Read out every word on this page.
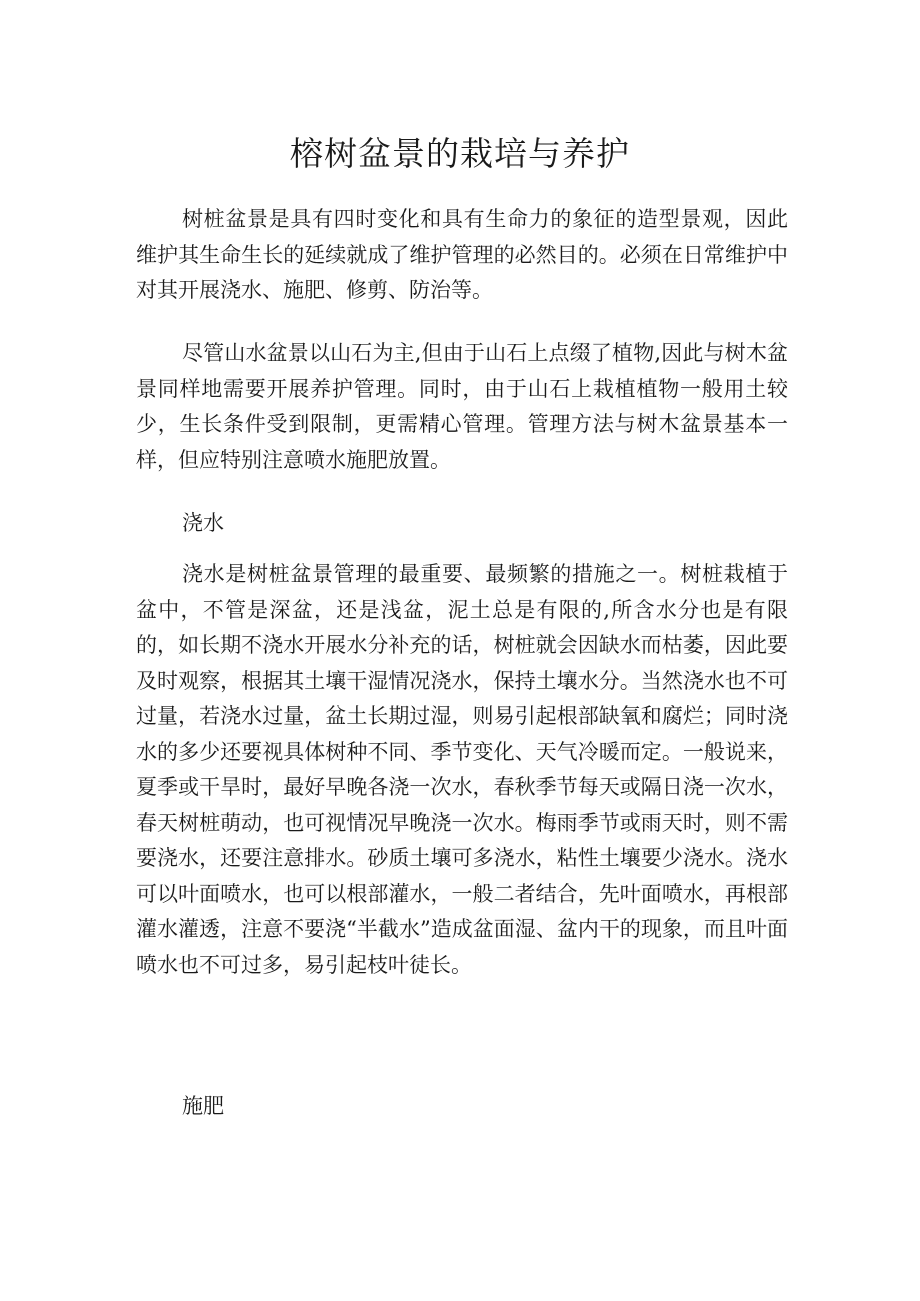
榕树盆景的栽培与养护

树桩盆景是具有四时变化和具有生命力的象征的造型景观，因此维护其生命生长的延续就成了维护管理的必然目的。必须在日常维护中对其开展浇水、施肥、修剪、防治等。

尽管山水盆景以山石为主,但由于山石上点缀了植物,因此与树木盆景同样地需要开展养护管理。同时，由于山石上栽植植物一般用土较少，生长条件受到限制，更需精心管理。管理方法与树木盆景基本一样，但应特别注意喷水施肥放置。

浇水

浇水是树桩盆景管理的最重要、最频繁的措施之一。树桩栽植于盆中，不管是深盆，还是浅盆，泥土总是有限的,所含水分也是有限的，如长期不浇水开展水分补充的话，树桩就会因缺水而枯萎，因此要及时观察，根据其土壤干湿情况浇水，保持土壤水分。当然浇水也不可过量，若浇水过量，盆土长期过湿，则易引起根部缺氧和腐烂；同时浇水的多少还要视具体树种不同、季节变化、天气冷暖而定。一般说来，夏季或干旱时，最好早晚各浇一次水，春秋季节每天或隔日浇一次水，春天树桩萌动，也可视情况早晚浇一次水。梅雨季节或雨天时，则不需要浇水，还要注意排水。砂质土壤可多浇水，粘性土壤要少浇水。浇水可以叶面喷水，也可以根部灌水，一般二者结合，先叶面喷水，再根部灌水灌透，注意不要浇“半截水”造成盆面湿、盆内干的现象，而且叶面喷水也不可过多，易引起枝叶徒长。

施肥
